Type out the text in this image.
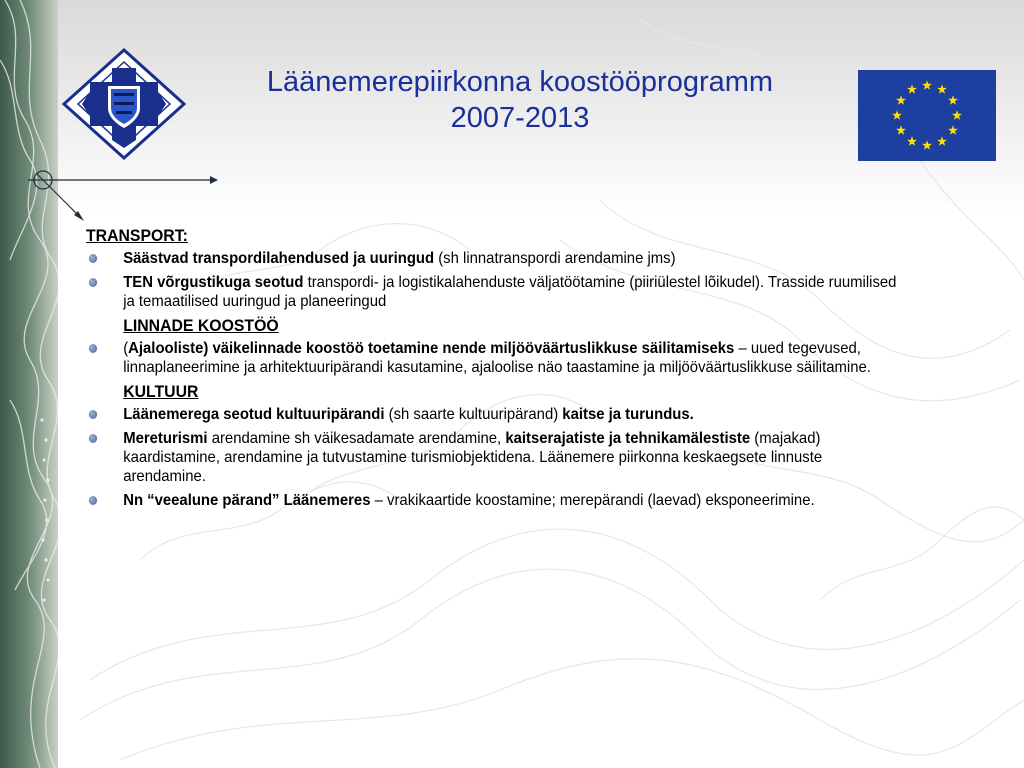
Läänemerepiirkonna koostööprogramm
2007-2013

TRANSPORT:

Säästvad transpordilahendused ja uuringud (sh linnatranspordi arendamine jms)
TEN võrgustikuga seotud transpordi- ja logistikalahenduste väljatöötamine (piiriülestel lõikudel). Trasside ruumilised ja temaatilised uuringud ja planeeringud

LINNADE KOOSTÖÖ

(Ajalooliste) väikelinnade koostöö toetamine nende miljööväärtuslikkuse säilitamiseks – uued tegevused, linnaplaneerimine ja arhitektuuripärandi kasutamine, ajaloolise näo taastamine ja miljööväärtuslikkuse säilitamine.

KULTUUR

Läänemerega seotud kultuuripärandi (sh saarte kultuuripärand) kaitse ja turundus.
Mereturismi arendamine sh väikesadamate arendamine, kaitserajatiste ja tehnikamälestiste (majakad) kaardistamine, arendamine ja tutvustamine turismiobjektidena. Läänemere piirkonna keskaegsete linnuste arendamine.
Nn “veealune pärand” Läänemeres – vrakikaartide koostamine; merepärandi (laevad) eksponeerimine.
